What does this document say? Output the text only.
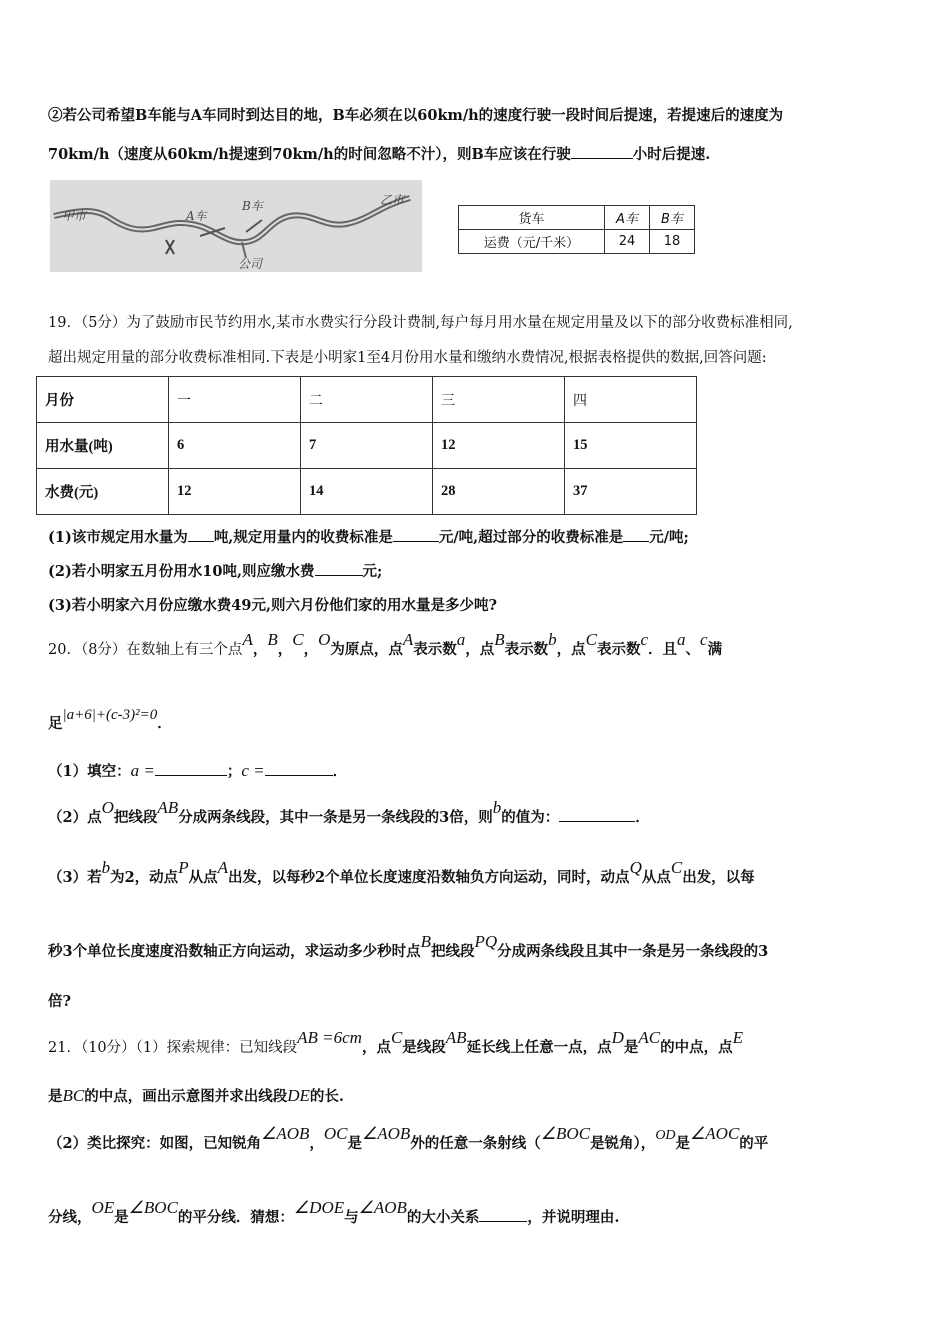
②若公司希望B车能与A车同时到达目的地，B车必须在以60km/h的速度行驶一段时间后提速，若提速后的速度为
70km/h（速度从60km/h提速到70km/h的时间忽略不汁），则B车应该在行驶	小时后提速.
甲市
乙市
A车
B车
公司
货车	A车	B车
运费（元/千米）	24	18
19．（5分）为了鼓励市民节约用水,某市水费实行分段计费制,每户每月用水量在规定用量及以下的部分收费标准相同,
超出规定用量的部分收费标准相同.下表是小明家1至4月份用水量和缴纳水费情况,根据表格提供的数据,回答问题:
月份	一	二	三	四
用水量(吨)	6	7	12	15
水费(元)	12	14	28	37
(1)该市规定用水量为 吨,规定用量内的收费标准是	元/吨,超过部分的收费标准是 元/吨;
(2)若小明家五月份用水10吨,则应缴水费	元;
(3)若小明家六月份应缴水费49元,则六月份他们家的用水量是多少吨?
20．（8分）在数轴上有三个点A，B，C，O为原点，点A表示数a，点B表示数b，点C表示数c．且a、c满
足|a+6|+(c-3)²=0．
（1）填空：a =	；c =	．
（2）点O把线段AB分成两条线段，其中一条是另一条线段的3倍，则b的值为：	．
（3）若b为2，动点P从点A出发，以每秒2个单位长度速度沿数轴负方向运动，同时，动点Q从点C出发，以每
秒3个单位长度速度沿数轴正方向运动，求运动多少秒时点B把线段PQ分成两条线段且其中一条是另一条线段的3
倍?
21．（10分）（1）探索规律：已知线段AB =6cm，点C是线段AB延长线上任意一点，点D是AC的中点，点E
是BC的中点，画出示意图并求出线段DE的长.
（2）类比探究：如图，已知锐角∠AOB，OC是∠AOB外的任意一条射线（∠BOC是锐角），OD是∠AOC的平
分线，OE是∠BOC的平分线．猜想：∠DOE与∠AOB的大小关系	，并说明理由.
